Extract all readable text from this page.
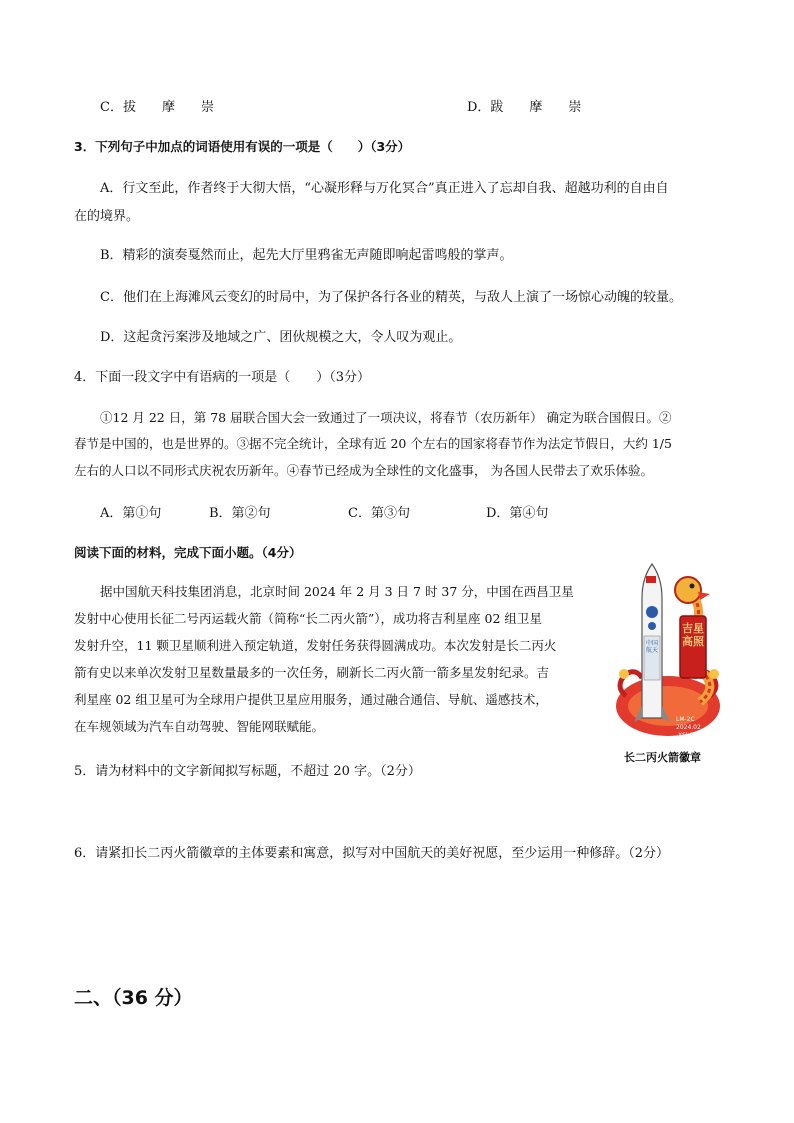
C．拔　　摩　　崇	D．跋　　摩　　崇
3．下列句子中加点的词语使用有误的一项是（　　）（3分）
A．行文至此，作者终于大彻大悟，“心凝形释与万化冥合”真正进入了忘却自我、超越功利的自由自
在的境界。
B．精彩的演奏戛然而止，起先大厅里鸦雀无声随即响起雷鸣般的掌声。
C．他们在上海滩风云变幻的时局中，为了保护各行各业的精英，与敌人上演了一场惊心动魄的较量。
D．这起贪污案涉及地域之广、团伙规模之大，令人叹为观止。
4．下面一段文字中有语病的一项是（　　）（3分）
①12 月 22 日，第 78 届联合国大会一致通过了一项决议，将春节（农历新年） 确定为联合国假日。②
春节是中国的，也是世界的。③据不完全统计，全球有近 20 个左右的国家将春节作为法定节假日，大约 1/5
左右的人口以不同形式庆祝农历新年。④春节已经成为全球性的文化盛事， 为各国人民带去了欢乐体验。
A．第①句	B．第②句	C．第③句	D．第④句
阅读下面的材料，完成下面小题。（4分）
据中国航天科技集团消息，北京时间 2024 年 2 月 3 日 7 时 37 分，中国在西昌卫星
发射中心使用长征二号丙运载火箭（简称“长二丙火箭”），成功将吉利星座 02 组卫星
发射升空，11 颗卫星顺利进入预定轨道，发射任务获得圆满成功。本次发射是长二丙火
箭有史以来单次发射卫星数量最多的一次任务，刷新长二丙火箭一箭多星发射纪录。吉
利星座 02 组卫星可为全球用户提供卫星应用服务，通过融合通信、导航、遥感技术，
在车规领域为汽车自动驾驶、智能网联赋能。
吉星高照
中国航天
LM-2C
2024.02
XSLC
长二丙火箭徽章
5．请为材料中的文字新闻拟写标题，不超过 20 字。（2分）
6．请紧扣长二丙火箭徽章的主体要素和寓意，拟写对中国航天的美好祝愿，至少运用一种修辞。（2分）
二、（36 分）
